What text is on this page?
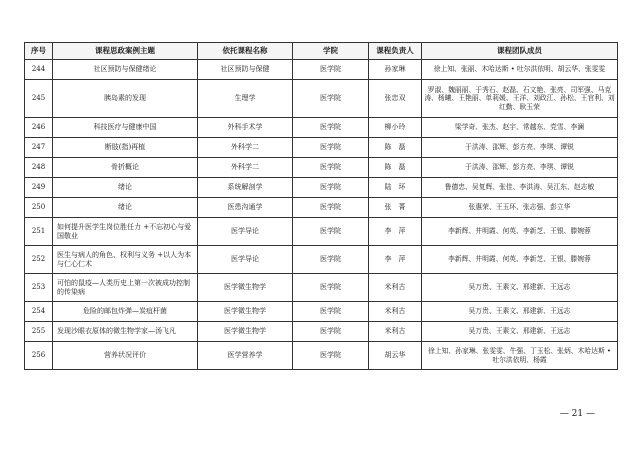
序号	课程思政案例主题	依托课程名称	学院	课程负责人	课程团队成员
244	社区预防与保健绪论	社区预防与保健	医学院	孙家琳	徐上知、张丽、木哈达斯 • 吐尔洪依明、胡云华、张雯雯
245	胰岛素的发现	生理学	医学院	张忠双	罗淑、魏丽丽、于秀石、赵磊、石文艳、张亮、司军强、马克涛、杨曦、王艳丽、单莉媛、王洋、刘政江、孙松、王官利、刘红勤、耿玉荣
246	科技医疗与健康中国	外科手术学	医学院	柳小玲	梁学奇、张杰、赵宇、常越东、党雪、李澜
247	断肢(指)再植	外科学二	医学院	陈　磊	于洪涛、邵辉、彭方亮、李琪、谭锐
248	骨折概论	外科学二	医学院	陈　磊	于洪涛、邵辉、彭方亮、李琪、谭锐
249	绪论	系统解剖学	医学院	陆　环	鲁德忠、吴复辉、张佳、李洪涛、吴江东、赵志敏
250	绪论	医患沟通学	医学院	张　菁	张惠荣、王玉环、张志强、彭立华
251	如何提升医学生岗位胜任力 +不忘初心与爱国敬业	医学导论	医学院	李　萍	李新辉、井明霞、何英、李新芝、王银、滕婉蓉
252	医生与病人的角色、权利与义务 +以人为本与仁心仁术	医学导论	医学院	李　萍	李新辉、井明霞、何英、李新芝、王银、滕婉蓉
253	可怕的鼠疫—人类历史上第一次被成功控制的传染病	医学微生物学	医学院	米利古	吴万贵、王素文、邢建新、王远志
254	危险的邮包炸弹—炭疽杆菌	医学微生物学	医学院	米利古	吴万贵、王素文、邢建新、王远志
255	发现沙眼衣原体的微生物学家—汤飞凡	医学微生物学	医学院	米利古	吴万贵、王素文、邢建新、王远志
256	营养状况评价	医学营养学	医学院	胡云华	徐上知、孙家琳、张雯雯、牛强、丁玉松、张炳、木哈达斯 • 吐尔洪依明、杨霞
— 21 —
